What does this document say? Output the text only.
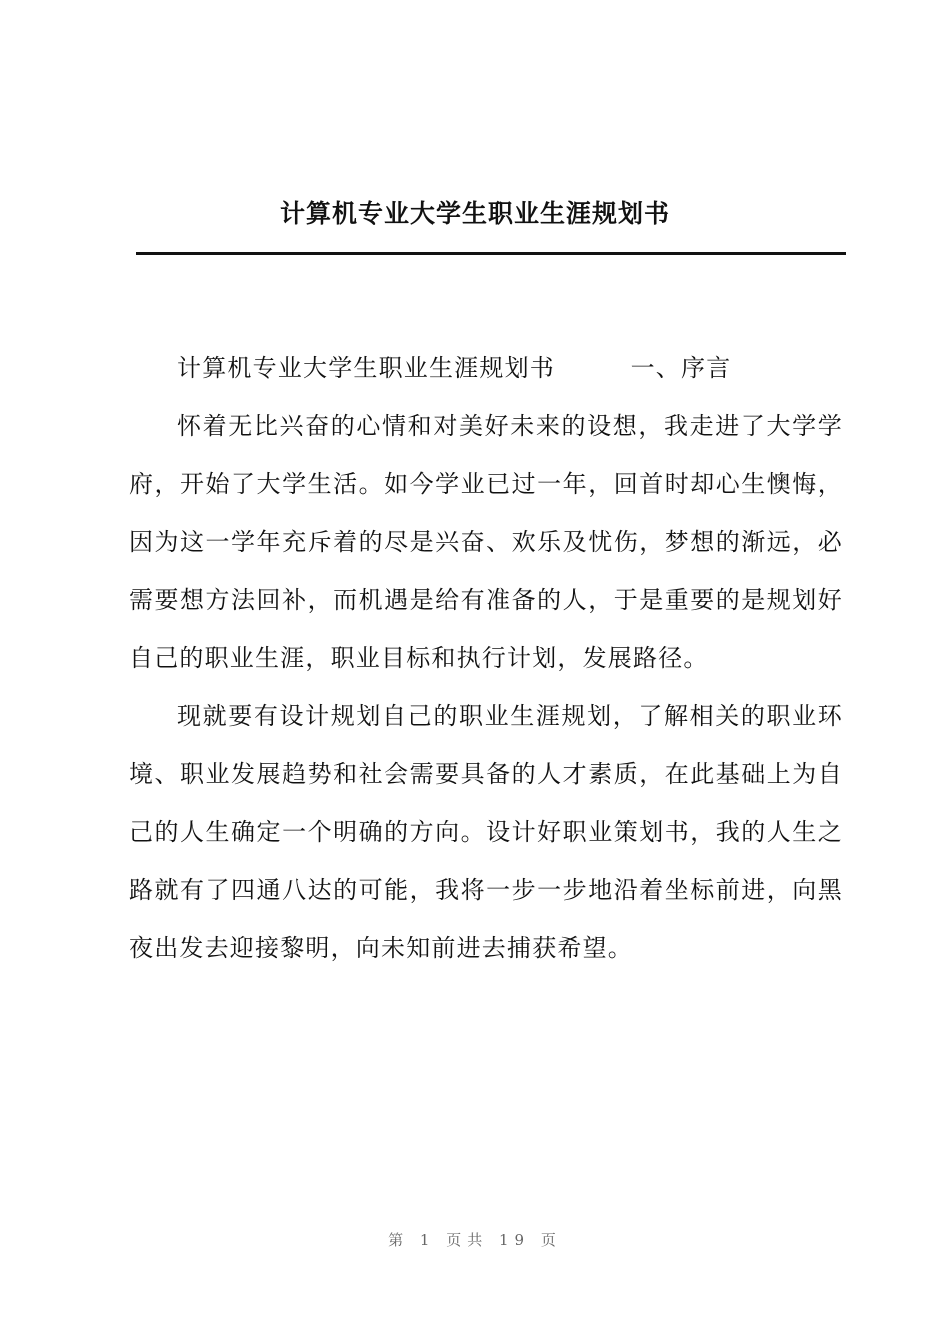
计算机专业大学生职业生涯规划书

计算机专业大学生职业生涯规划书　　　一、序言

怀着无比兴奋的心情和对美好未来的设想，我走进了大学学府，开始了大学生活。如今学业已过一年，回首时却心生懊悔，因为这一学年充斥着的尽是兴奋、欢乐及忧伤，梦想的渐远，必需要想方法回补，而机遇是给有准备的人，于是重要的是规划好自己的职业生涯，职业目标和执行计划，发展路径。

现就要有设计规划自己的职业生涯规划，了解相关的职业环境、职业发展趋势和社会需要具备的人才素质，在此基础上为自己的人生确定一个明确的方向。设计好职业策划书，我的人生之路就有了四通八达的可能，我将一步一步地沿着坐标前进，向黑夜出发去迎接黎明，向未知前进去捕获希望。

第 1 页共 19 页
